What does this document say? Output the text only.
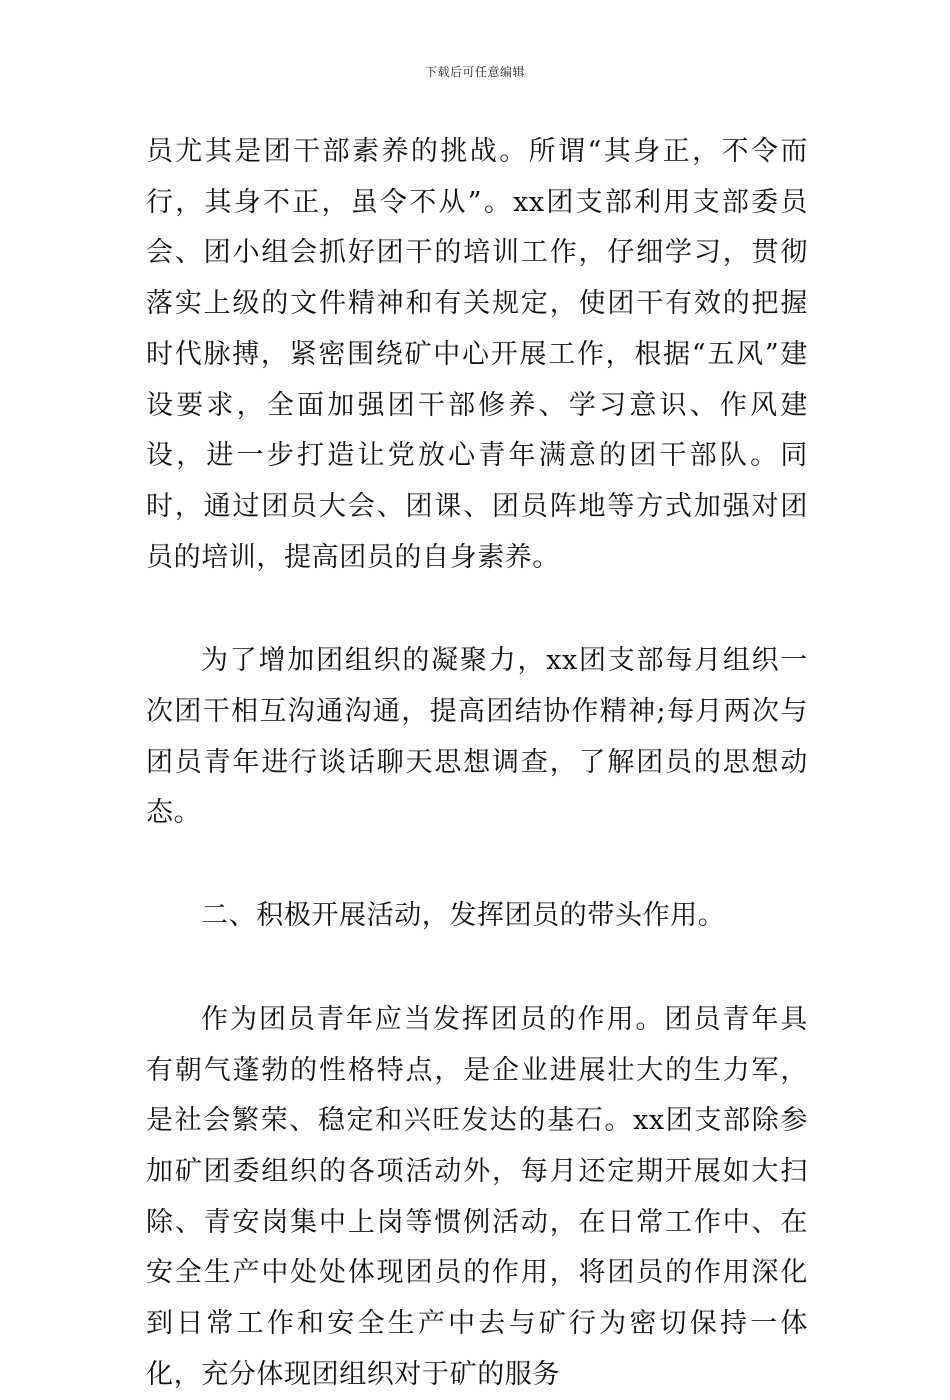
下载后可任意编辑

员尤其是团干部素养的挑战。所谓“其身正，不令而行，其身不正，虽令不从”。xx团支部利用支部委员会、团小组会抓好团干的培训工作，仔细学习，贯彻落实上级的文件精神和有关规定，使团干有效的把握时代脉搏，紧密围绕矿中心开展工作，根据“五风”建设要求，全面加强团干部修养、学习意识、作风建设，进一步打造让党放心青年满意的团干部队。同时，通过团员大会、团课、团员阵地等方式加强对团员的培训，提高团员的自身素养。

为了增加团组织的凝聚力，xx团支部每月组织一次团干相互沟通沟通，提高团结协作精神;每月两次与团员青年进行谈话聊天思想调查，了解团员的思想动态。

二、积极开展活动，发挥团员的带头作用。

作为团员青年应当发挥团员的作用。团员青年具有朝气蓬勃的性格特点，是企业进展壮大的生力军，是社会繁荣、稳定和兴旺发达的基石。xx团支部除参加矿团委组织的各项活动外，每月还定期开展如大扫除、青安岗集中上岗等惯例活动，在日常工作中、在安全生产中处处体现团员的作用，将团员的作用深化到日常工作和安全生产中去与矿行为密切保持一体化，充分体现团组织对于矿的服务
